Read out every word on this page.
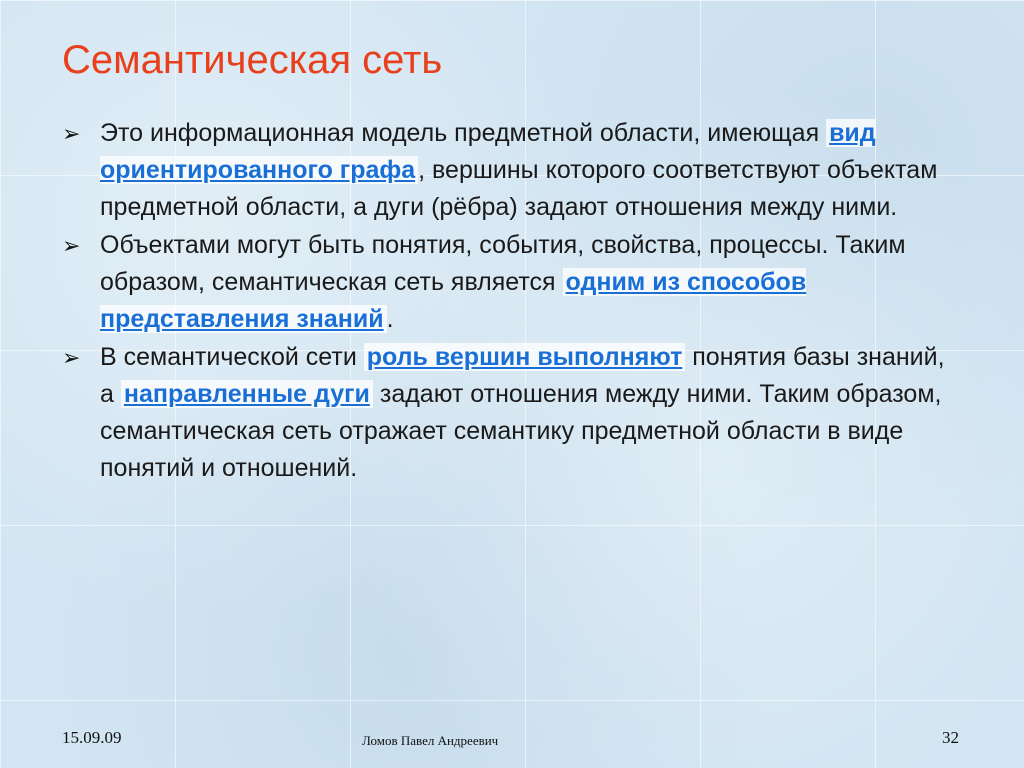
Семантическая сеть
➢ Это информационная модель предметной области, имеющая вид ориентированного графа , вершины которого соответствуют объектам предметной области, а дуги (рёбра) задают отношения между ними.
➢ Объектами могут быть понятия, события, свойства, процессы. Таким образом, семантическая сеть является одним из способов представления знаний .
➢ В семантической сети роль вершин выполняют понятия базы знаний, а направленные дуги задают отношения между ними. Таким образом, семантическая сеть отражает семантику предметной области в виде понятий и отношений.
15.09.09	Ломов Павел Андреевич	32
